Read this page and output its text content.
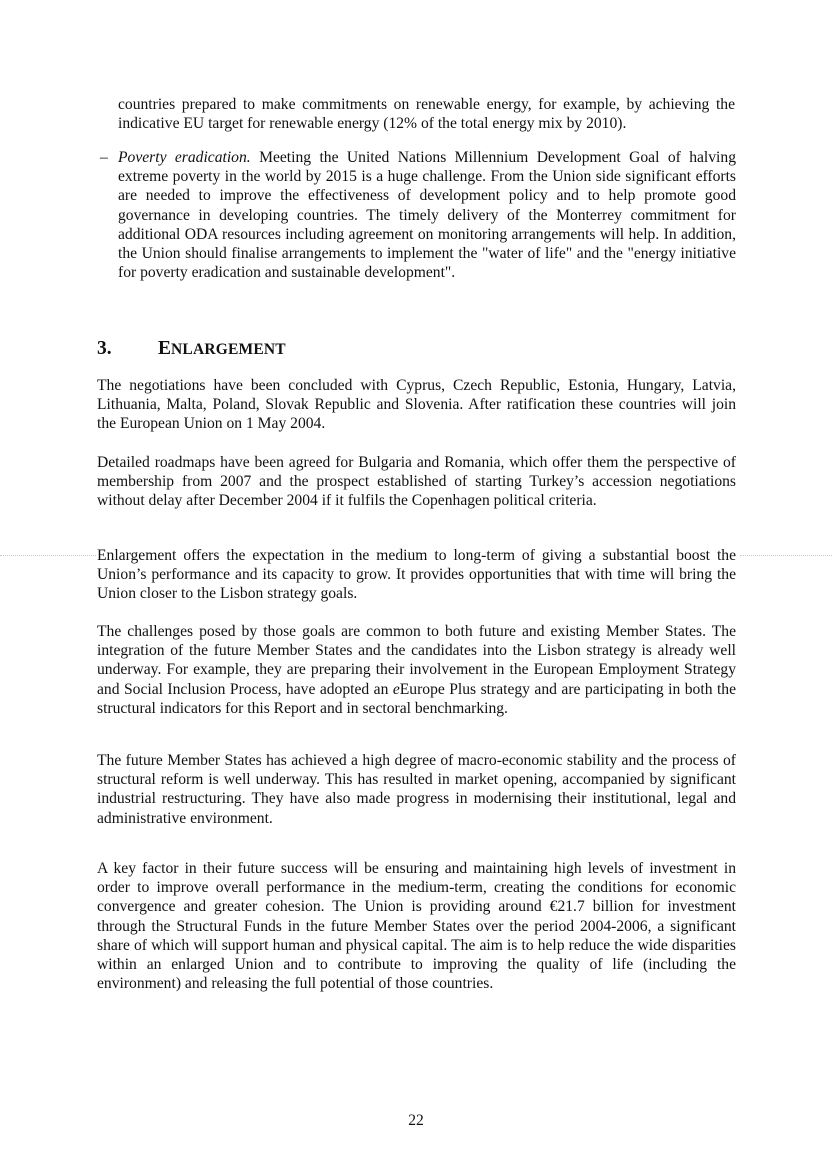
countries prepared to make commitments on renewable energy, for example, by achieving the indicative EU target for renewable energy (12% of the total energy mix by 2010).

– Poverty eradication. Meeting the United Nations Millennium Development Goal of halving extreme poverty in the world by 2015 is a huge challenge. From the Union side significant efforts are needed to improve the effectiveness of development policy and to help promote good governance in developing countries. The timely delivery of the Monterrey commitment for additional ODA resources including agreement on monitoring arrangements will help. In addition, the Union should finalise arrangements to implement the "water of life" and the "energy initiative for poverty eradication and sustainable development".

3. ENLARGEMENT

The negotiations have been concluded with Cyprus, Czech Republic, Estonia, Hungary, Latvia, Lithuania, Malta, Poland, Slovak Republic and Slovenia. After ratification these countries will join the European Union on 1 May 2004.

Detailed roadmaps have been agreed for Bulgaria and Romania, which offer them the perspective of membership from 2007 and the prospect established of starting Turkey’s accession negotiations without delay after December 2004 if it fulfils the Copenhagen political criteria.

Enlargement offers the expectation in the medium to long-term of giving a substantial boost the Union’s performance and its capacity to grow. It provides opportunities that with time will bring the Union closer to the Lisbon strategy goals.

The challenges posed by those goals are common to both future and existing Member States. The integration of the future Member States and the candidates into the Lisbon strategy is already well underway. For example, they are preparing their involvement in the European Employment Strategy and Social Inclusion Process, have adopted an eEurope Plus strategy and are participating in both the structural indicators for this Report and in sectoral benchmarking.

The future Member States has achieved a high degree of macro-economic stability and the process of structural reform is well underway. This has resulted in market opening, accompanied by significant industrial restructuring. They have also made progress in modernising their institutional, legal and administrative environment.

A key factor in their future success will be ensuring and maintaining high levels of investment in order to improve overall performance in the medium-term, creating the conditions for economic convergence and greater cohesion. The Union is providing around €21.7 billion for investment through the Structural Funds in the future Member States over the period 2004-2006, a significant share of which will support human and physical capital. The aim is to help reduce the wide disparities within an enlarged Union and to contribute to improving the quality of life (including the environment) and releasing the full potential of those countries.

22
